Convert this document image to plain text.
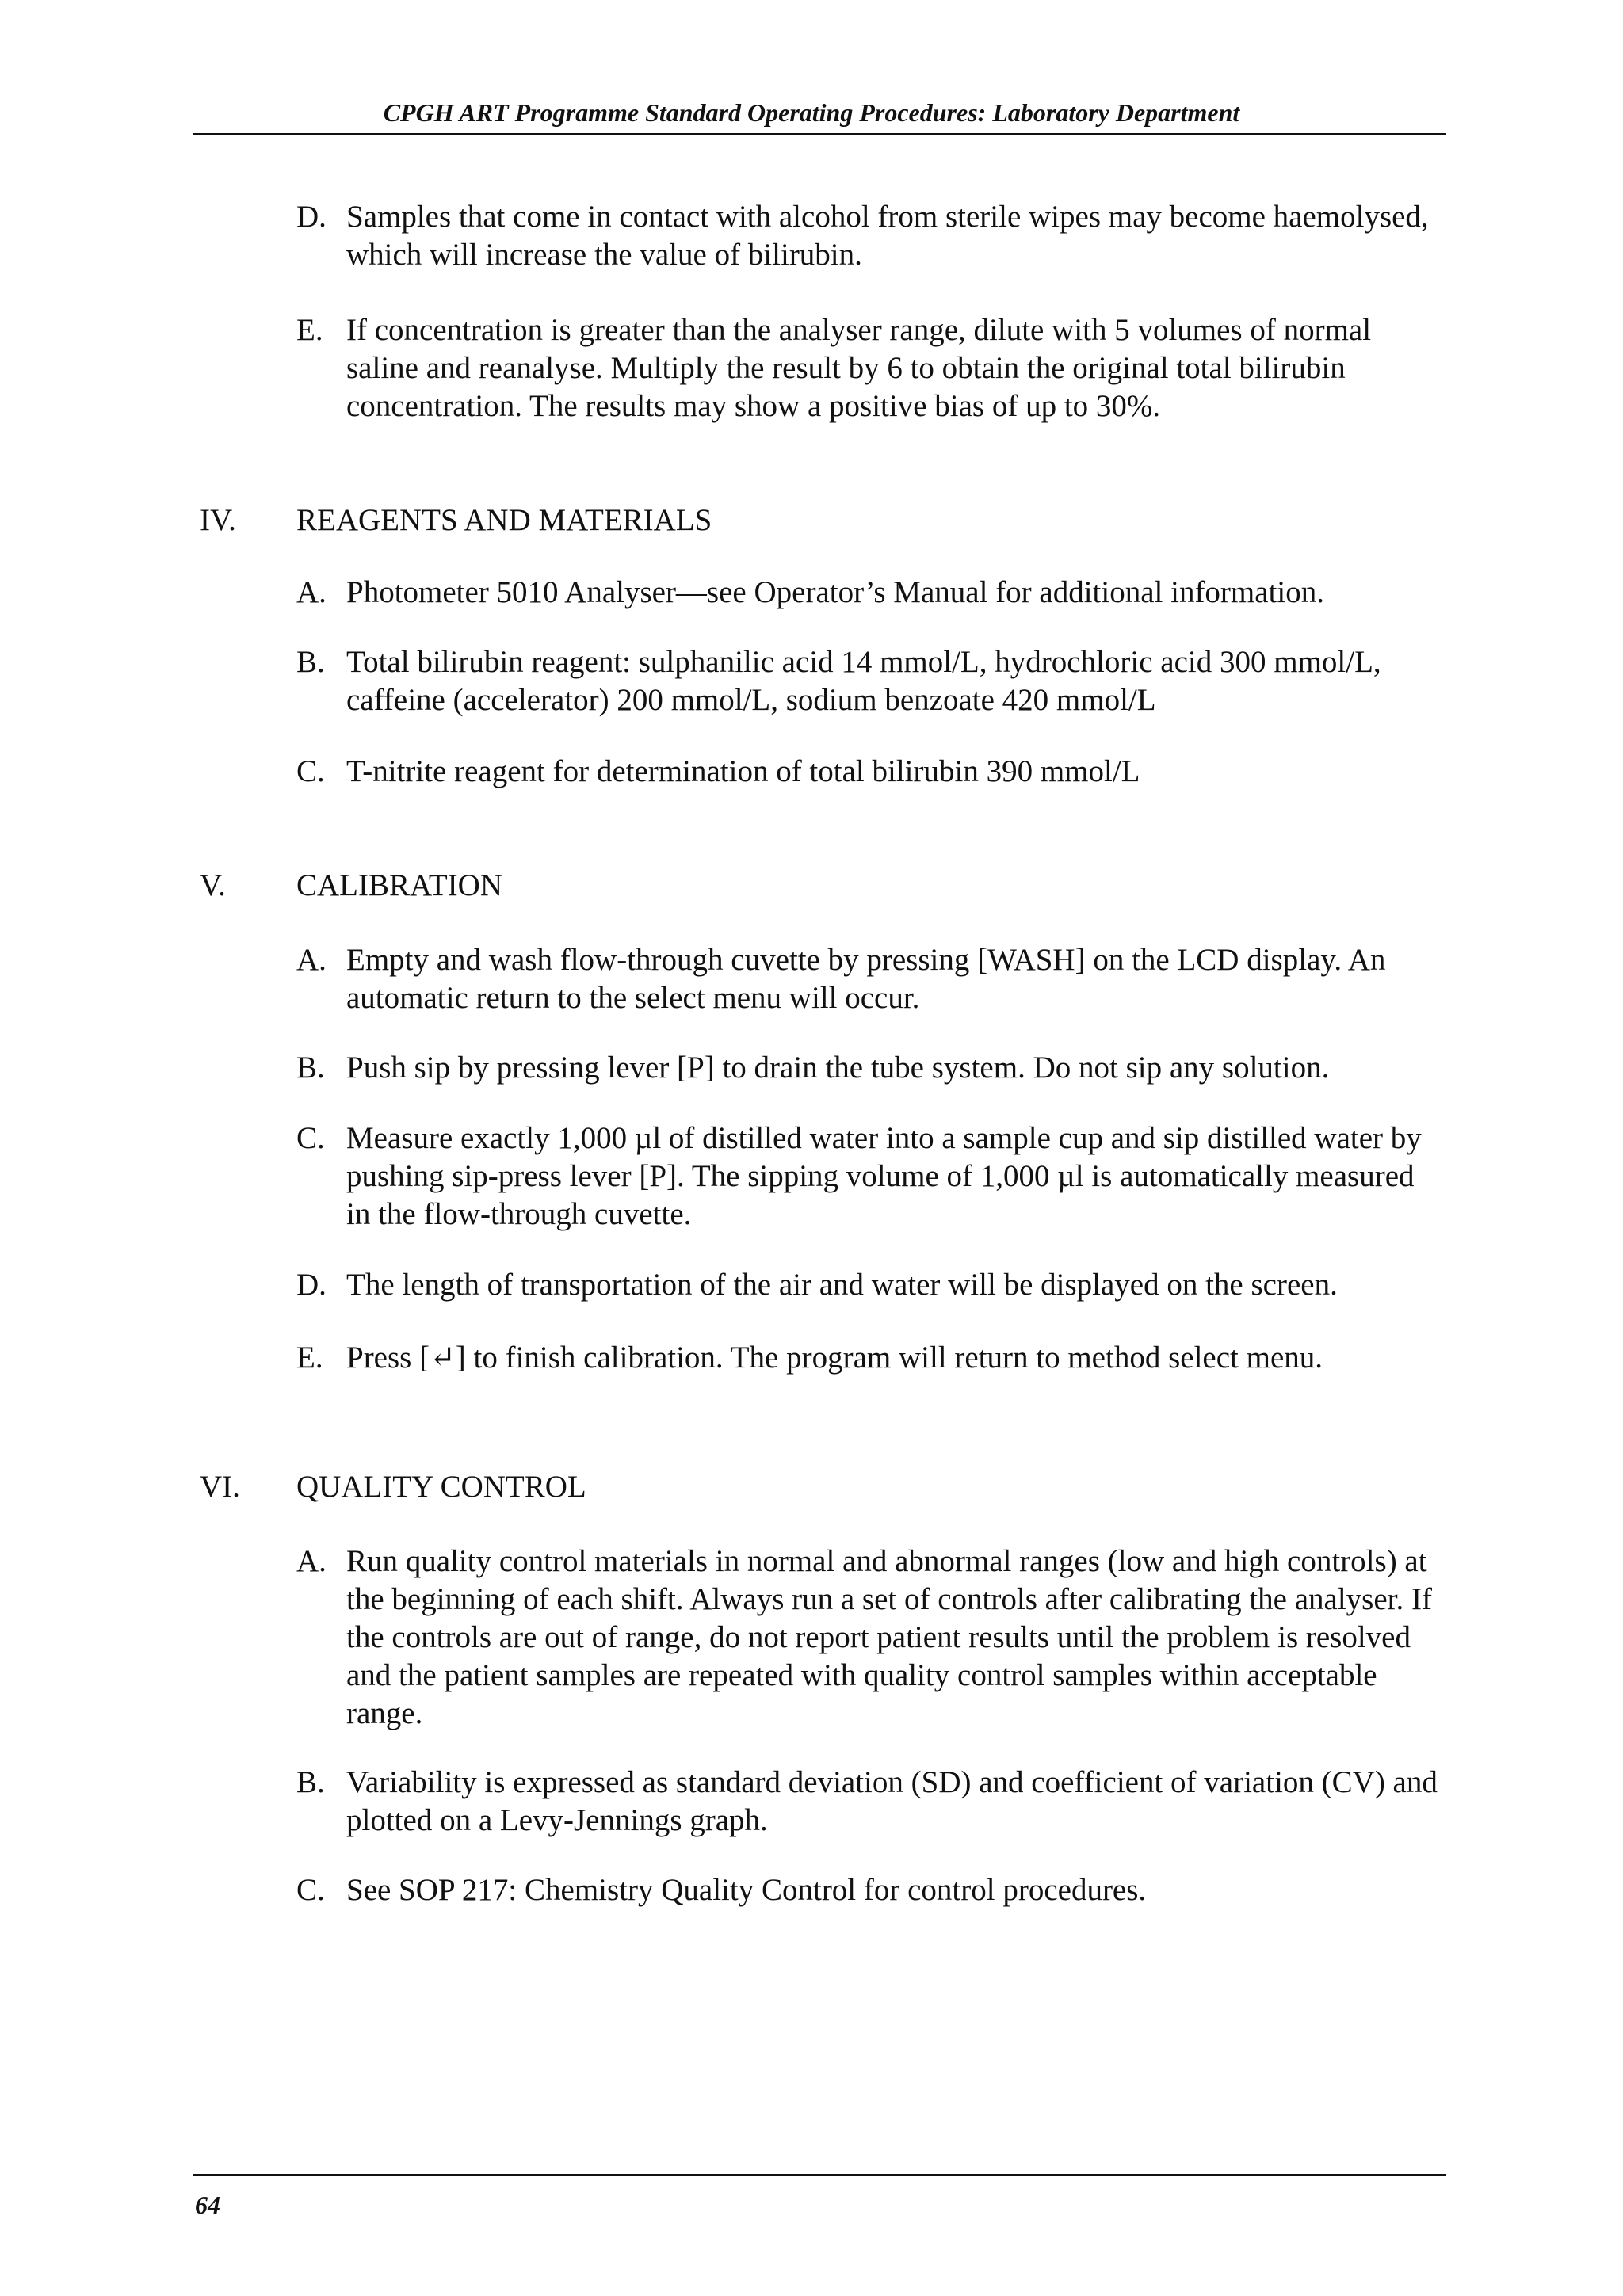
CPGH ART Programme Standard Operating Procedures: Laboratory Department
D. Samples that come in contact with alcohol from sterile wipes may become haemolysed, which will increase the value of bilirubin.
E. If concentration is greater than the analyser range, dilute with 5 volumes of normal saline and reanalyse. Multiply the result by 6 to obtain the original total bilirubin concentration. The results may show a positive bias of up to 30%.
IV. REAGENTS AND MATERIALS
A. Photometer 5010 Analyser—see Operator’s Manual for additional information.
B. Total bilirubin reagent: sulphanilic acid 14 mmol/L, hydrochloric acid 300 mmol/L, caffeine (accelerator) 200 mmol/L, sodium benzoate 420 mmol/L
C. T-nitrite reagent for determination of total bilirubin 390 mmol/L
V. CALIBRATION
A. Empty and wash flow-through cuvette by pressing [WASH] on the LCD display. An automatic return to the select menu will occur.
B. Push sip by pressing lever [P] to drain the tube system. Do not sip any solution.
C. Measure exactly 1,000 µl of distilled water into a sample cup and sip distilled water by pushing sip-press lever [P]. The sipping volume of 1,000 µl is automatically measured in the flow-through cuvette.
D. The length of transportation of the air and water will be displayed on the screen.
E. Press [↵] to finish calibration. The program will return to method select menu.
VI. QUALITY CONTROL
A. Run quality control materials in normal and abnormal ranges (low and high controls) at the beginning of each shift. Always run a set of controls after calibrating the analyser. If the controls are out of range, do not report patient results until the problem is resolved and the patient samples are repeated with quality control samples within acceptable range.
B. Variability is expressed as standard deviation (SD) and coefficient of variation (CV) and plotted on a Levy-Jennings graph.
C. See SOP 217: Chemistry Quality Control for control procedures.
64
